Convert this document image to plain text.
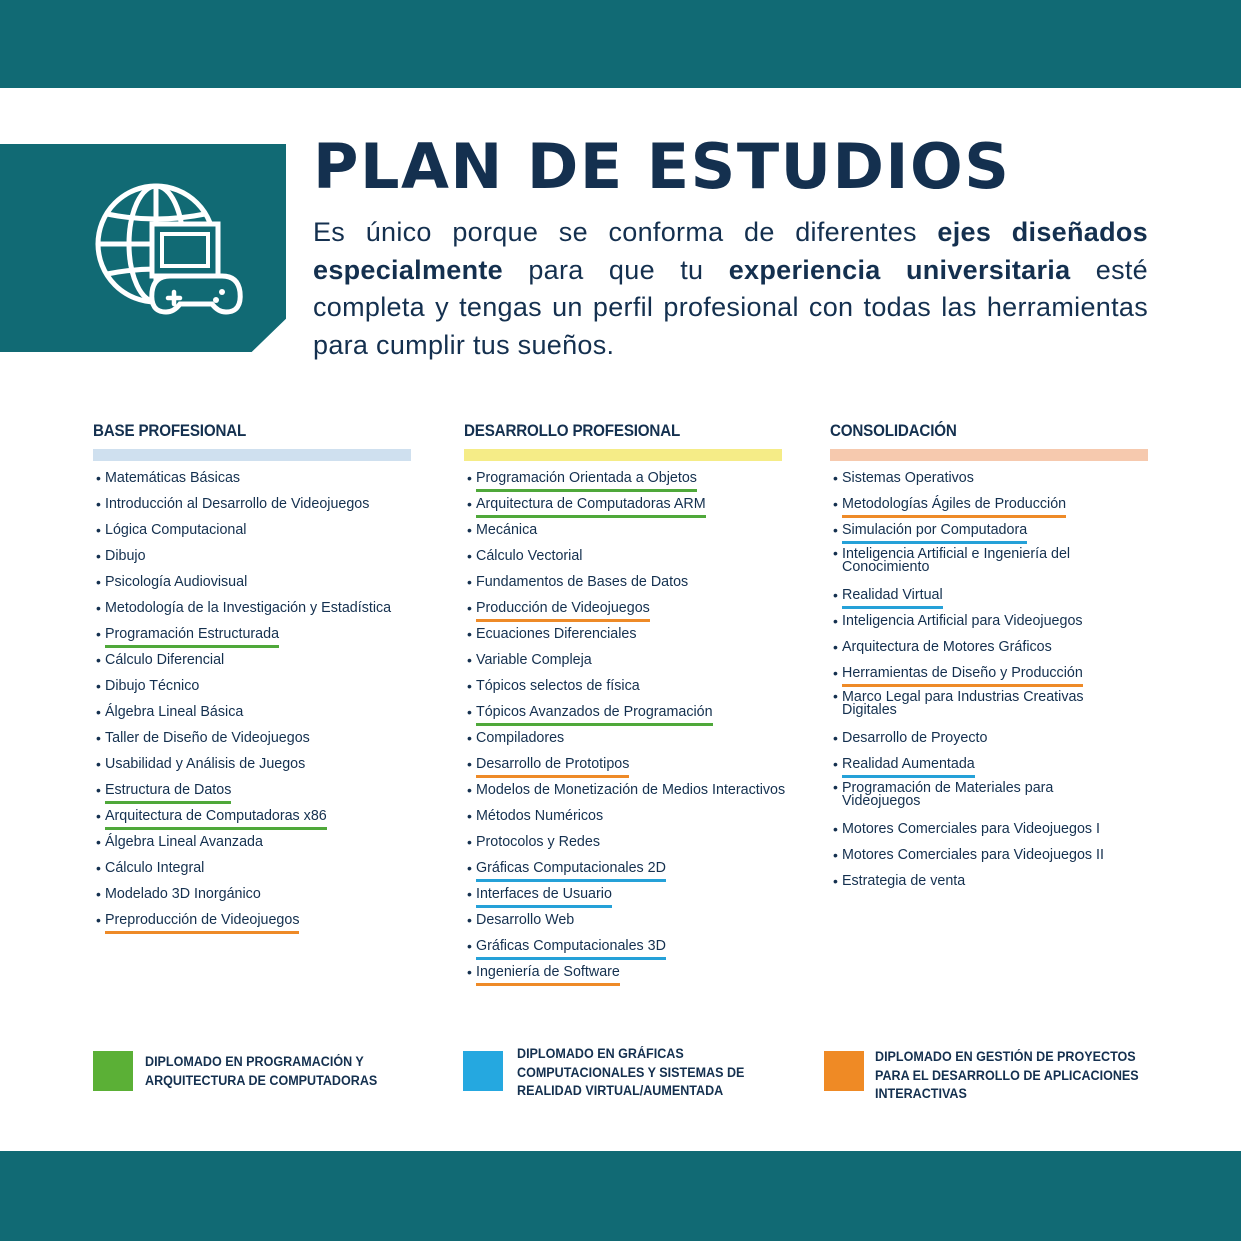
PLAN DE ESTUDIOS

Es único porque se conforma de diferentes ejes diseñados especialmente para que tu experiencia universitaria esté completa y tengas un perfil profesional con todas las herramientas para cumplir tus sueños.

BASE PROFESIONAL
• Matemáticas Básicas
• Introducción al Desarrollo de Videojuegos
• Lógica Computacional
• Dibujo
• Psicología Audiovisual
• Metodología de la Investigación y Estadística
• Programación Estructurada
• Cálculo Diferencial
• Dibujo Técnico
• Álgebra Lineal Básica
• Taller de Diseño de Videojuegos
• Usabilidad y Análisis de Juegos
• Estructura de Datos
• Arquitectura de Computadoras x86
• Álgebra Lineal Avanzada
• Cálculo Integral
• Modelado 3D Inorgánico
• Preproducción de Videojuegos
DESARROLLO PROFESIONAL
• Programación Orientada a Objetos
• Arquitectura de Computadoras ARM
• Mecánica
• Cálculo Vectorial
• Fundamentos de Bases de Datos
• Producción de Videojuegos
• Ecuaciones Diferenciales
• Variable Compleja
• Tópicos selectos de física
• Tópicos Avanzados de Programación
• Compiladores
• Desarrollo de Prototipos
• Modelos de Monetización de Medios Interactivos
• Métodos Numéricos
• Protocolos y Redes
• Gráficas Computacionales 2D
• Interfaces de Usuario
• Desarrollo Web
• Gráficas Computacionales 3D
• Ingeniería de Software
CONSOLIDACIÓN
• Sistemas Operativos
• Metodologías Ágiles de Producción
• Simulación por Computadora
• Inteligencia Artificial e Ingeniería del Conocimiento
• Realidad Virtual
• Inteligencia Artificial para Videojuegos
• Arquitectura de Motores Gráficos
• Herramientas de Diseño y Producción
• Marco Legal para Industrias Creativas Digitales
• Desarrollo de Proyecto
• Realidad Aumentada
• Programación de Materiales para Videojuegos
• Motores Comerciales para Videojuegos I
• Motores Comerciales para Videojuegos II
• Estrategia de venta
DIPLOMADO EN PROGRAMACIÓN Y ARQUITECTURA DE COMPUTADORAS
DIPLOMADO EN GRÁFICAS COMPUTACIONALES Y SISTEMAS DE REALIDAD VIRTUAL/AUMENTADA
DIPLOMADO EN GESTIÓN DE PROYECTOS PARA EL DESARROLLO DE APLICACIONES INTERACTIVAS
